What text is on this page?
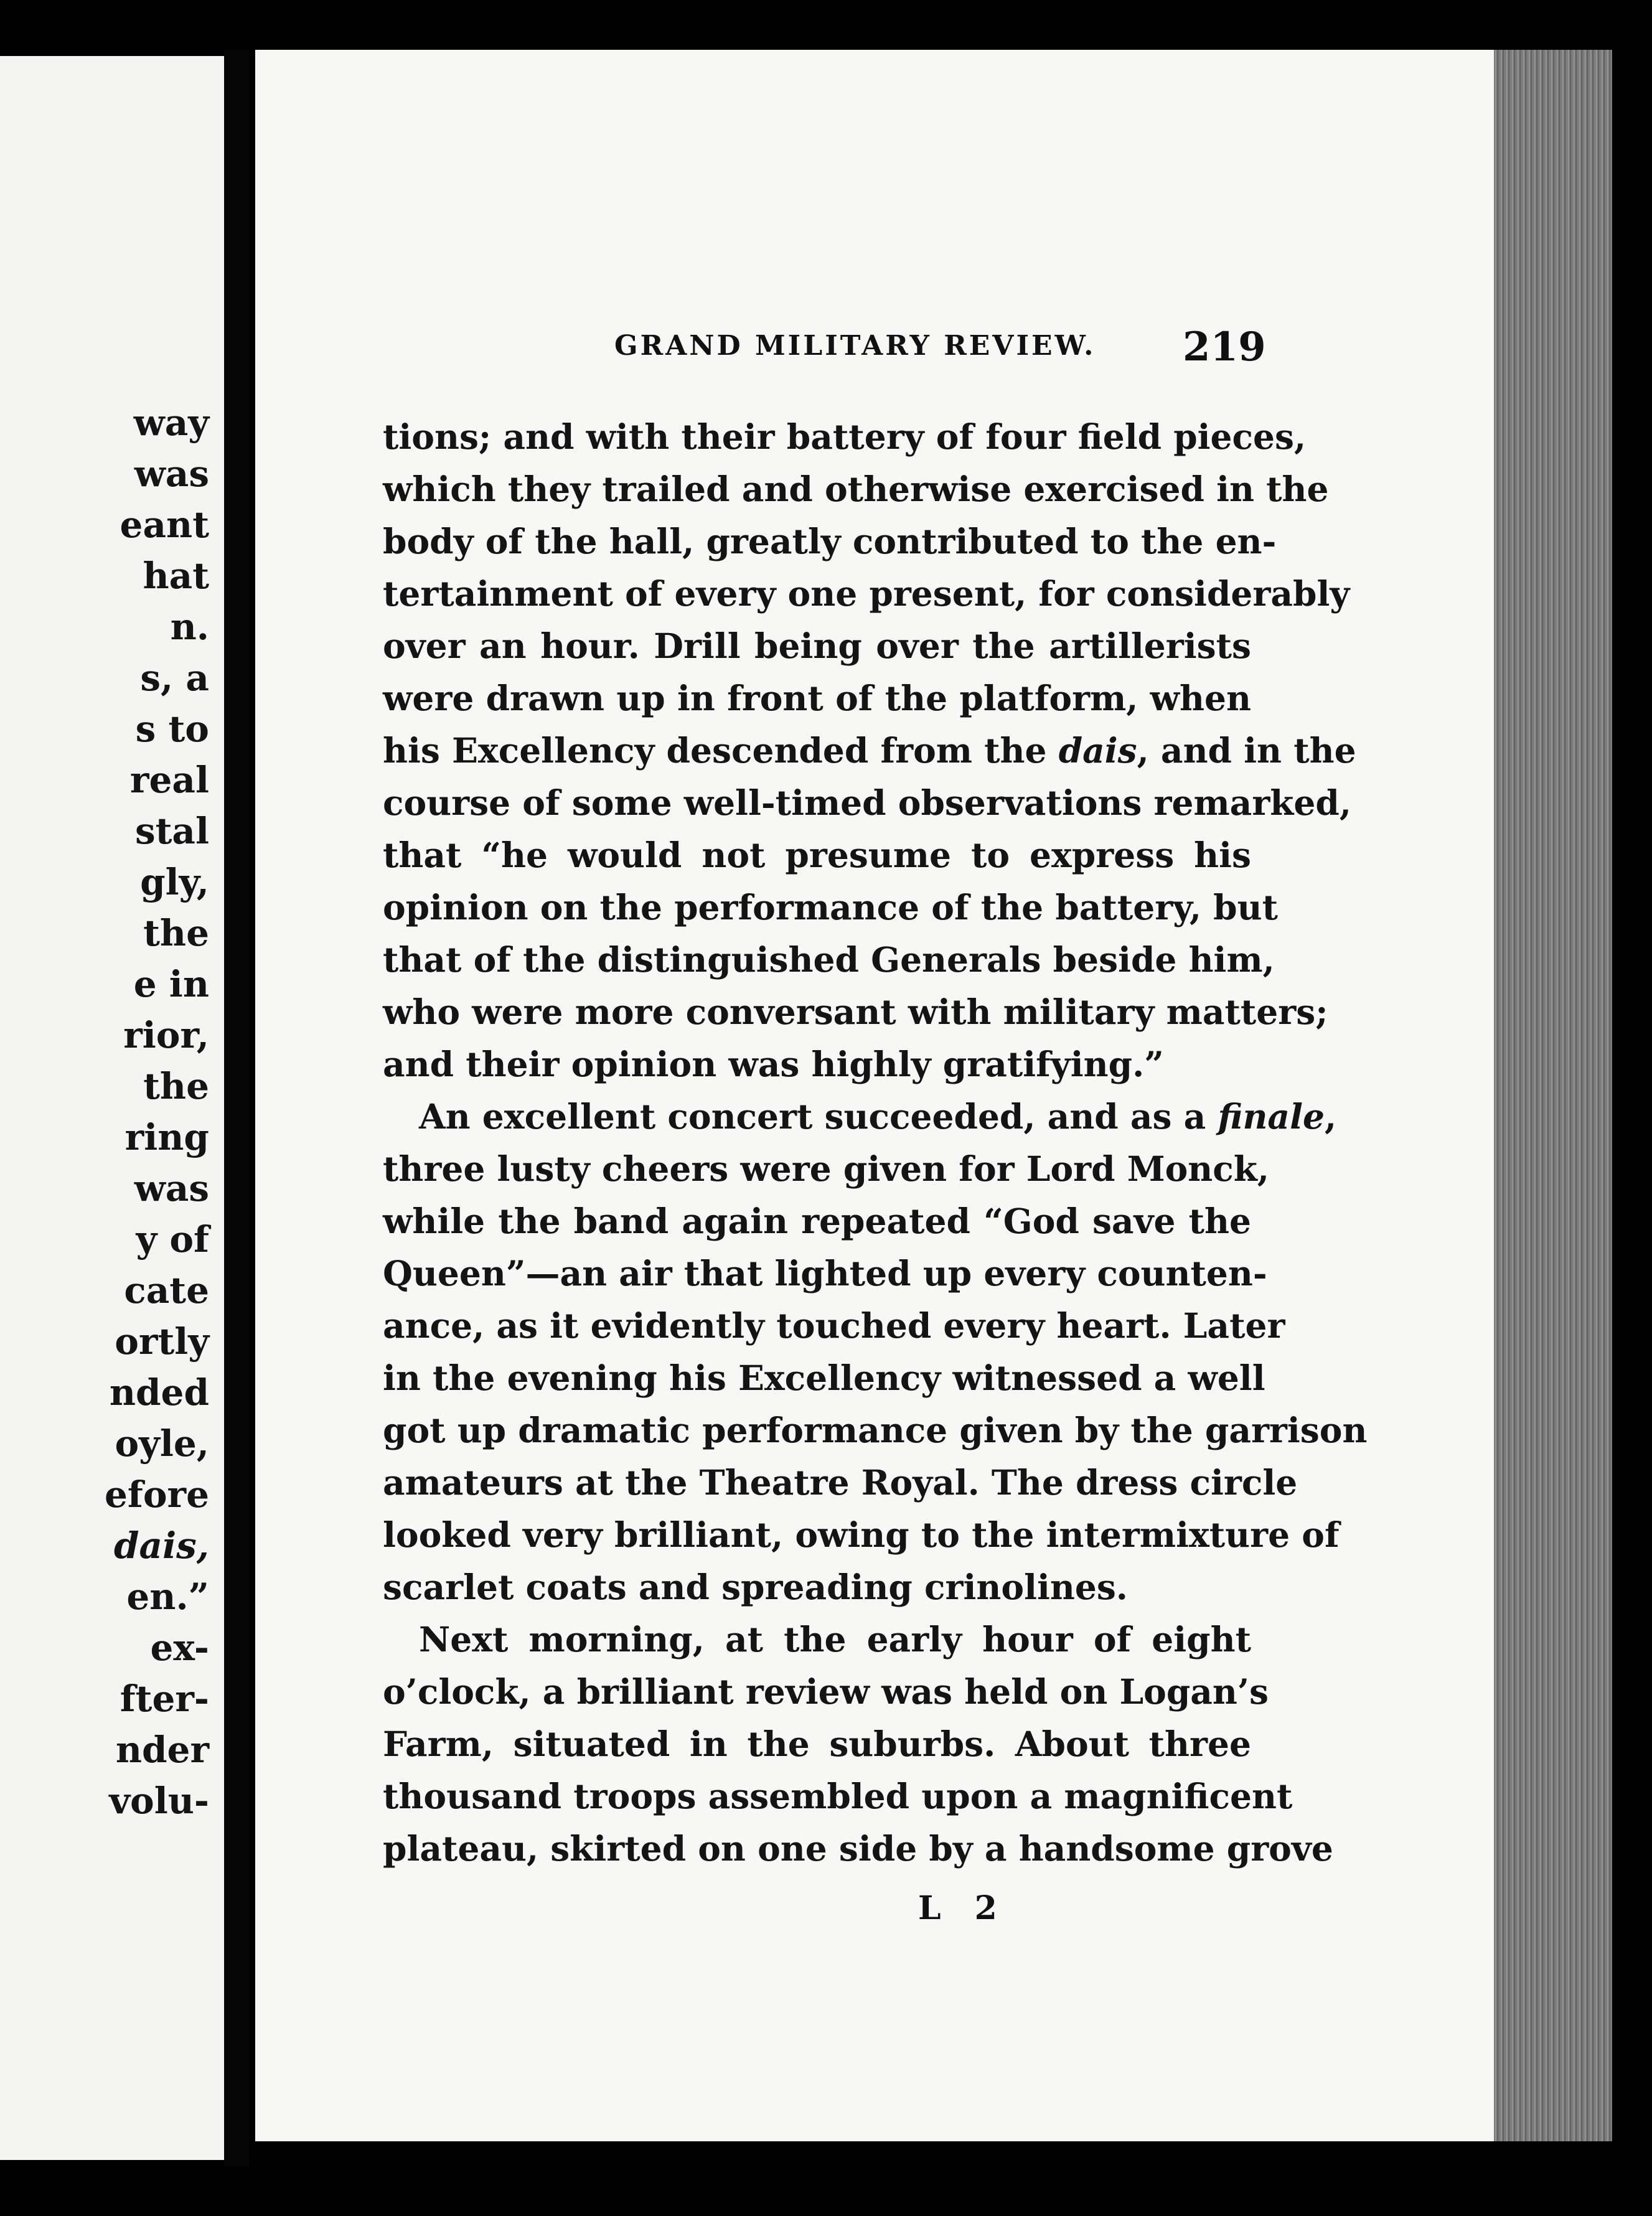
way

was

eant

hat

n.

s, a

s to

real

stal

gly,

the

e in

rior,

the

ring

was

y of

cate

ortly

nded

oyle,

efore

dais,

en.”

ex-

fter-

nder

volu-

GRAND MILITARY REVIEW. 219

tions; and with their battery of four field pieces,
which they trailed and otherwise exercised in the
body of the hall, greatly contributed to the en-
tertainment of every one present, for considerably
over an hour. Drill being over the artillerists
were drawn up in front of the platform, when
his Excellency descended from the dais, and in the
course of some well-timed observations remarked,
that “he would not presume to express his
opinion on the performance of the battery, but
that of the distinguished Generals beside him,
who were more conversant with military matters;
and their opinion was highly gratifying.”
An excellent concert succeeded, and as a finale,
three lusty cheers were given for Lord Monck,
while the band again repeated “God save the
Queen”—an air that lighted up every counten-
ance, as it evidently touched every heart. Later
in the evening his Excellency witnessed a well
got up dramatic performance given by the garrison
amateurs at the Theatre Royal. The dress circle
looked very brilliant, owing to the intermixture of
scarlet coats and spreading crinolines.
Next morning, at the early hour of eight
o’clock, a brilliant review was held on Logan’s
Farm, situated in the suburbs. About three
thousand troops assembled upon a magnificent
plateau, skirted on one side by a handsome grove

L 2
